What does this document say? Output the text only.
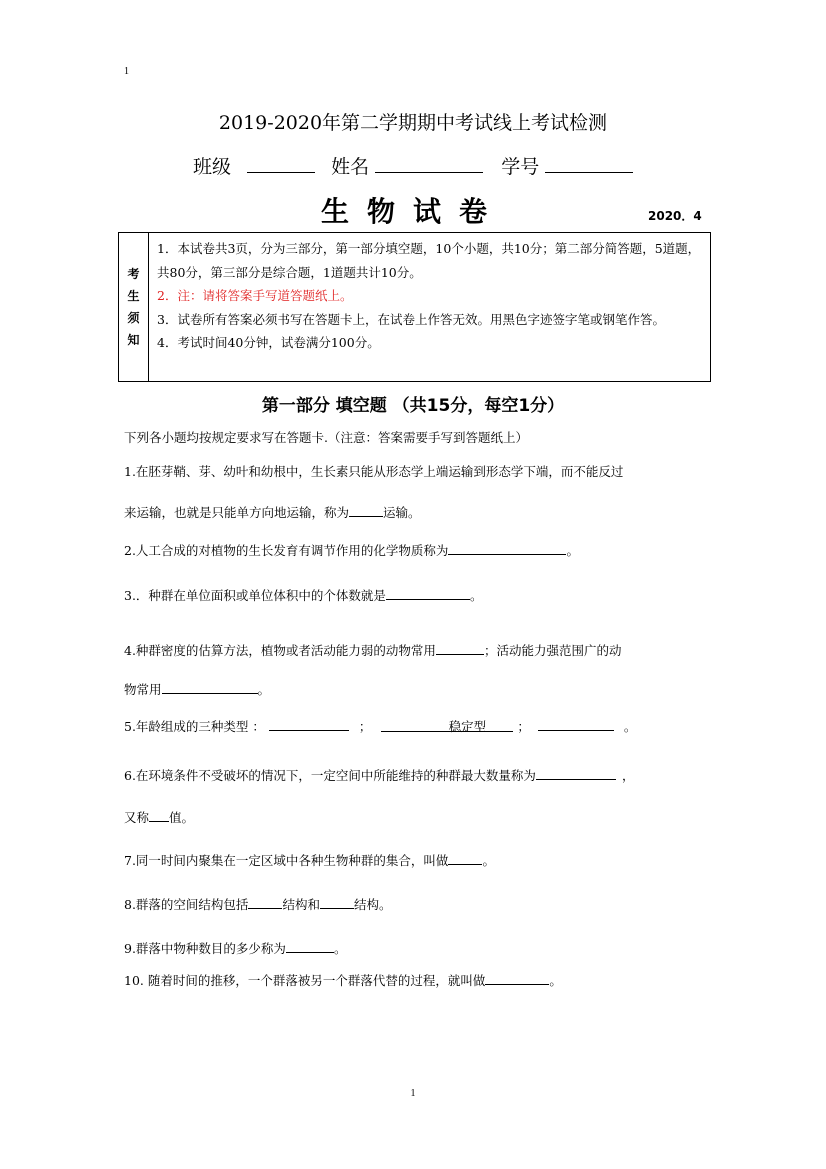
1
2019-2020年第二学期期中考试线上考试检测
班级	姓名	学号
生物试卷	2020．4
考
生
须
知
1．本试卷共3页，分为三部分，第一部分填空题，10个小题，共10分；第二部分简答题，5道题，共80分，第三部分是综合题，1道题共计10分。
2．注：请将答案手写道答题纸上。
3．试卷所有答案必须书写在答题卡上，在试卷上作答无效。用黑色字迹签字笔或钢笔作答。
4．考试时间40分钟，试卷满分100分。
第一部分 填空题 （共15分，每空1分）
下列各小题均按规定要求写在答题卡.（注意：答案需要手写到答题纸上）
1.在胚芽鞘、芽、幼叶和幼根中，生长素只能从形态学上端运输到形态学下端，而不能反过
来运输，也就是只能单方向地运输，称为	运输。
2.人工合成的对植物的生长发育有调节作用的化学物质称为	。
3.．种群在单位面积或单位体积中的个体数就是	。
4.种群密度的估算方法，植物或者活动能力弱的动物常用	；活动能力强范围广的动
物常用	。
5.年龄组成的三种类型 ：	；	稳定型 ；	。
6.在环境条件不受破坏的情况下，一定空间中所能维持的种群最大数量称为	，
又称 值。
7.同一时间内聚集在一定区域中各种生物种群的集合，叫做	。
8.群落的空间结构包括	结构和	结构。
9.群落中物种数目的多少称为	。
10. 随着时间的推移，一个群落被另一个群落代替的过程，就叫做	。
1
